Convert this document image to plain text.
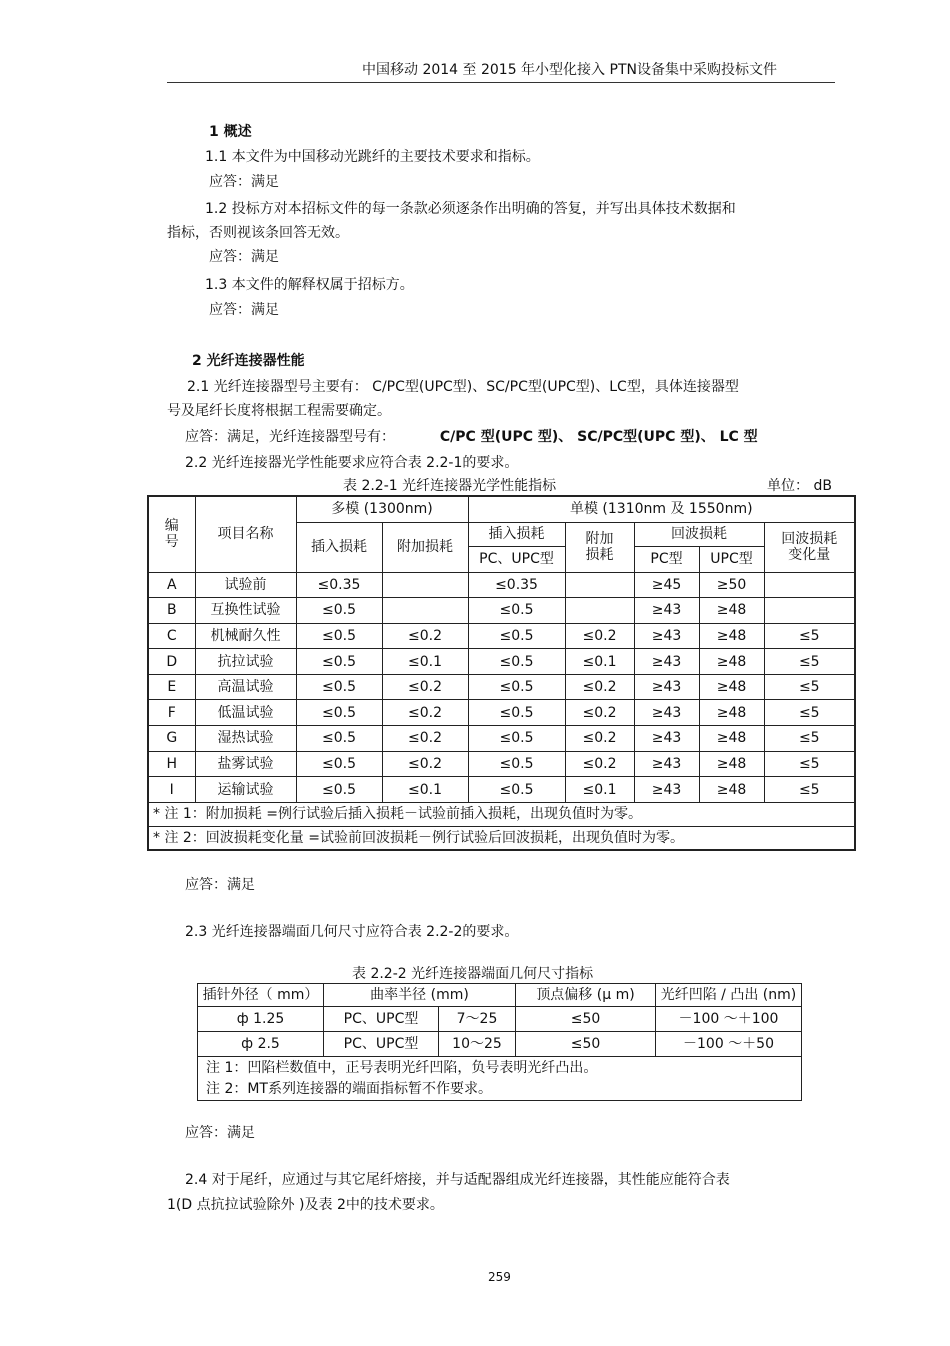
中国移动 2014 至 2015 年小型化接入 PTN设备集中采购投标文件
1 概述
1.1 本文件为中国移动光跳纤的主要技术要求和指标。
应答：满足
1.2 投标方对本招标文件的每一条款必须逐条作出明确的答复，并写出具体技术数据和
指标，否则视该条回答无效。
应答：满足
1.3 本文件的解释权属于招标方。
应答：满足
2 光纤连接器性能
2.1 光纤连接器型号主要有： C/PC型(UPC型)、SC/PC型(UPC型)、LC型，具体连接器型
号及尾纤长度将根据工程需要确定。
应答：满足，光纤连接器型号有：	C/PC 型(UPC 型)、 SC/PC型(UPC 型)、 LC 型
2.2 光纤连接器光学性能要求应符合表 2.2-1的要求。
表 2.2-1 光纤连接器光学性能指标	单位： dB
编
号	项目名称	多模 (1300nm)		单模 (1310nm 及 1550nm)				
		插入损耗	附加损耗	插入损耗	附加
损耗	回波损耗		回波损耗
变化量
				PC、UPC型		PC型	UPC型	
A	试验前	≤0.35		≤0.35		≥45	≥50	
B	互换性试验	≤0.5		≤0.5		≥43	≥48	
C	机械耐久性	≤0.5	≤0.2	≤0.5	≤0.2	≥43	≥48	≤5
D	抗拉试验	≤0.5	≤0.1	≤0.5	≤0.1	≥43	≥48	≤5
E	高温试验	≤0.5	≤0.2	≤0.5	≤0.2	≥43	≥48	≤5
F	低温试验	≤0.5	≤0.2	≤0.5	≤0.2	≥43	≥48	≤5
G	湿热试验	≤0.5	≤0.2	≤0.5	≤0.2	≥43	≥48	≤5
H	盐雾试验	≤0.5	≤0.2	≤0.5	≤0.2	≥43	≥48	≤5
I	运输试验	≤0.5	≤0.1	≤0.5	≤0.1	≥43	≥48	≤5
* 注 1：附加损耗 =例行试验后插入损耗－试验前插入损耗，出现负值时为零。								
* 注 2：回波损耗变化量 =试验前回波损耗－例行试验后回波损耗，出现负值时为零。								
应答：满足
2.3 光纤连接器端面几何尺寸应符合表 2.2-2的要求。
表 2.2-2 光纤连接器端面几何尺寸指标
插针外径（ mm）	曲率半径 (mm)		顶点偏移 (μ m)	光纤凹陷 / 凸出 (nm)
ф 1.25	PC、UPC型	7～25	≤50	－100 ～＋100
ф 2.5	PC、UPC型	10～25	≤50	－100 ～＋50
注 1：凹陷栏数值中，正号表明光纤凹陷，负号表明光纤凸出。				
注 2：MT系列连接器的端面指标暂不作要求。				
应答：满足
2.4 对于尾纤，应通过与其它尾纤熔接，并与适配器组成光纤连接器，其性能应能符合表
1(D 点抗拉试验除外 )及表 2中的技术要求。
259
